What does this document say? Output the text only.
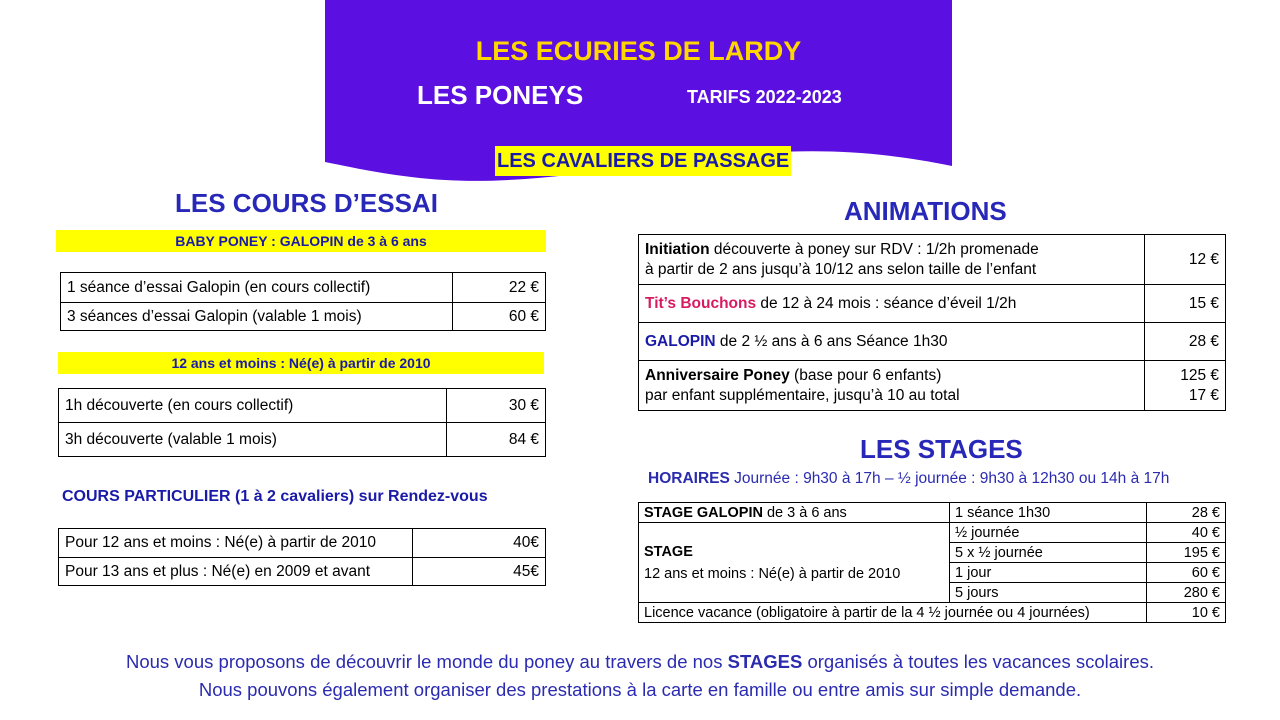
LES ECURIES DE LARDY
LES PONEYS	TARIFS 2022-2023
LES CAVALIERS DE PASSAGE
LES COURS D’ESSAI
BABY PONEY : GALOPIN de 3 à 6 ans
1 séance d’essai Galopin (en cours collectif)	22 €
3 séances d’essai Galopin (valable 1 mois)	60 €
12 ans et moins : Né(e) à partir de 2010
1h découverte (en cours collectif)	30 €
3h découverte (valable 1 mois)	84 €
COURS PARTICULIER (1 à 2 cavaliers) sur Rendez-vous
Pour 12 ans et moins : Né(e) à partir de 2010	40€
Pour 13 ans et plus : Né(e) en 2009 et avant	45€
ANIMATIONS
Initiation découverte à poney sur RDV : 1/2h promenade
à partir de 2 ans jusqu’à 10/12 ans selon taille de l’enfant	12 €
Tit’s Bouchons de 12 à 24 mois : séance d’éveil 1/2h	15 €
GALOPIN de 2 ½ ans à 6 ans Séance 1h30	28 €
Anniversaire Poney (base pour 6 enfants)
par enfant supplémentaire, jusqu’à 10 au total	125 €
17 €
LES STAGES
HORAIRES Journée : 9h30 à 17h – ½ journée : 9h30 à 12h30 ou 14h à 17h
STAGE GALOPIN de 3 à 6 ans	1 séance 1h30	28 €
STAGE
12 ans et moins : Né(e) à partir de 2010	½ journée	40 €
	5 x ½ journée	195 €
	1 jour	60 €
	5 jours	280 €
Licence vacance (obligatoire à partir de la 4 ½ journée ou 4 journées)		10 €
Nous vous proposons de découvrir le monde du poney au travers de nos STAGES organisés à toutes les vacances scolaires.
Nous pouvons également organiser des prestations à la carte en famille ou entre amis sur simple demande.
